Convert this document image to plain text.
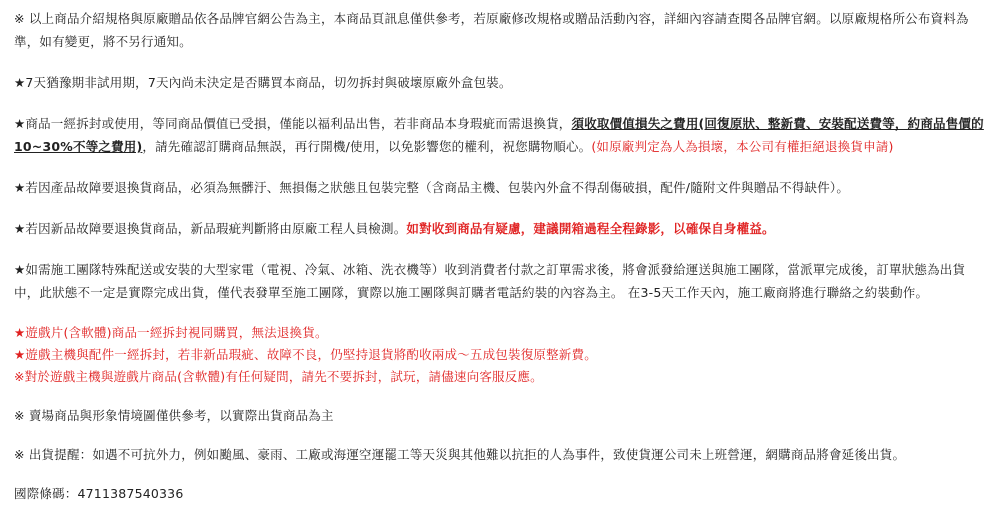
※ 以上商品介紹規格與原廠贈品依各品牌官網公告為主，本商品頁訊息僅供參考，若原廠修改規格或贈品活動內容，詳細內容請查閱各品牌官網。以原廠規格所公布資料為準，如有變更，將不另行通知。

★7天猶豫期非試用期，7天內尚未決定是否購買本商品，切勿拆封與破壞原廠外盒包裝。

★商品一經拆封或使用，等同商品價值已受損，僅能以福利品出售，若非商品本身瑕疵而需退換貨，須收取價值損失之費用(回復原狀、整新費、安裝配送費等，約商品售價的10~30%不等之費用)，請先確認訂購商品無誤，再行開機/使用，以免影響您的權利，祝您購物順心。(如原廠判定為人為損壞，本公司有權拒絕退換貨申請)

★若因產品故障要退換貨商品，必須為無髒汙、無損傷之狀態且包裝完整（含商品主機、包裝內外盒不得刮傷破損，配件/隨附文件與贈品不得缺件）。

★若因新品故障要退換貨商品，新品瑕疵判斷將由原廠工程人員檢測。如對收到商品有疑慮，建議開箱過程全程錄影，以確保自身權益。

★如需施工團隊特殊配送或安裝的大型家電（電視、冷氣、冰箱、洗衣機等）收到消費者付款之訂單需求後，將會派發給運送與施工團隊，當派單完成後，訂單狀態為出貨中，此狀態不一定是實際完成出貨，僅代表發單至施工團隊，實際以施工團隊與訂購者電話約裝的內容為主。 在3-5天工作天內，施工廠商將進行聯絡之約裝動作。

★遊戲片(含軟體)商品一經拆封視同購買，無法退換貨。

★遊戲主機與配件一經拆封，若非新品瑕疵、故障不良，仍堅持退貨將酌收兩成～五成包裝復原整新費。

※對於遊戲主機與遊戲片商品(含軟體)有任何疑問，請先不要拆封，試玩，請儘速向客服反應。

※ 賣場商品與形象情境圖僅供參考，以實際出貨商品為主

※ 出貨提醒：如遇不可抗外力，例如颱風、豪雨、工廠或海運空運罷工等天災與其他難以抗拒的人為事件，致使貨運公司未上班營運，網購商品將會延後出貨。

國際條碼：4711387540336
